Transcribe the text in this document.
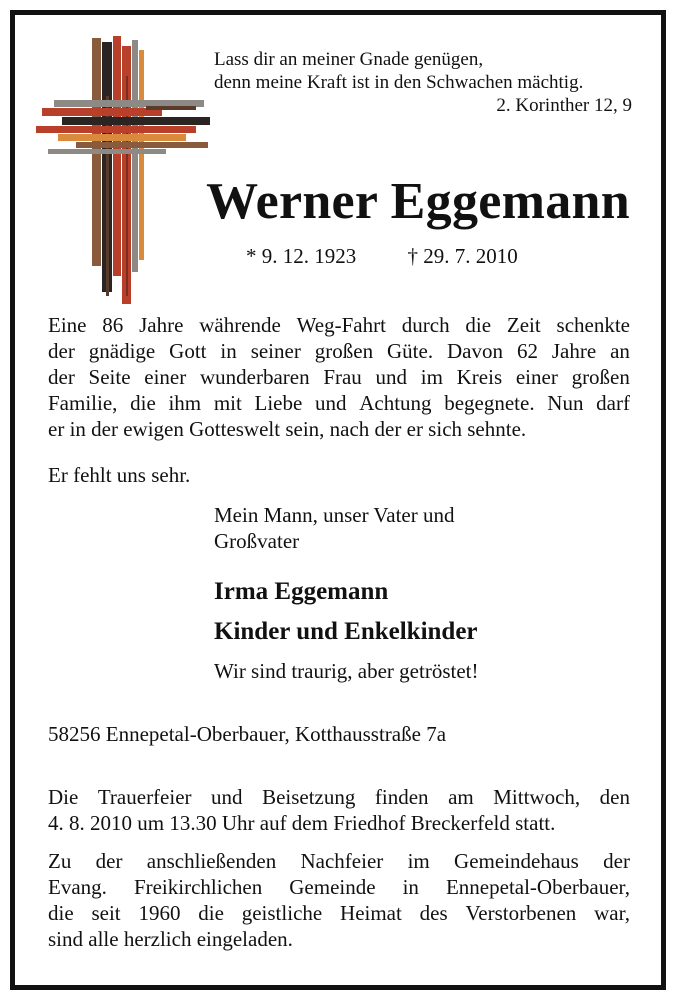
Lass dir an meiner Gnade genügen,
denn meine Kraft ist in den Schwachen mächtig.
2. Korinther 12, 9
Werner Eggemann
* 9. 12. 1923 † 29. 7. 2010
Eine 86 Jahre währende Weg-Fahrt durch die Zeit schenkte
der gnädige Gott in seiner großen Güte. Davon 62 Jahre an
der Seite einer wunderbaren Frau und im Kreis einer großen
Familie, die ihm mit Liebe und Achtung begegnete. Nun darf
er in der ewigen Gotteswelt sein, nach der er sich sehnte.
Er fehlt uns sehr.
Mein Mann, unser Vater und
Großvater
Irma Eggemann
Kinder und Enkelkinder
Wir sind traurig, aber getröstet!
58256 Ennepetal-Oberbauer, Kotthausstraße 7a
Die Trauerfeier und Beisetzung finden am Mittwoch, den
4. 8. 2010 um 13.30 Uhr auf dem Friedhof Breckerfeld statt.
Zu der anschließenden Nachfeier im Gemeindehaus der
Evang. Freikirchlichen Gemeinde in Ennepetal-Oberbauer,
die seit 1960 die geistliche Heimat des Verstorbenen war,
sind alle herzlich eingeladen.
